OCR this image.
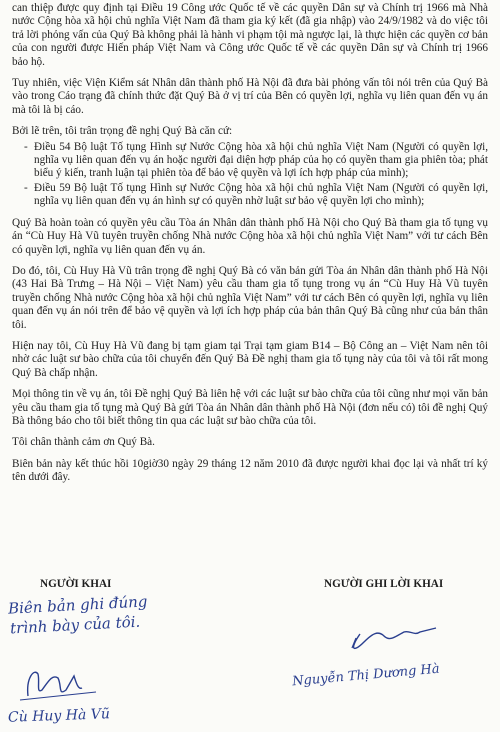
can thiệp được quy định tại Điều 19 Công ước Quốc tế về các quyền Dân sự và Chính trị 1966 mà Nhà nước Cộng hòa xã hội chủ nghĩa Việt Nam đã tham gia ký kết (đã gia nhập) vào 24/9/1982 và do việc tôi trả lời phỏng vấn của Quý Bà không phải là hành vi phạm tội mà ngược lại, là thực hiện các quyền cơ bản của con người được Hiến pháp Việt Nam và Công ước Quốc tế về các quyền Dân sự và Chính trị 1966 bảo hộ.

Tuy nhiên, việc Viện Kiểm sát Nhân dân thành phố Hà Nội đã đưa bài phỏng vấn tôi nói trên của Quý Bà vào trong Cáo trạng đã chính thức đặt Quý Bà ở vị trí của Bên có quyền lợi, nghĩa vụ liên quan đến vụ án mà tôi là bị cáo.

Bởi lẽ trên, tôi trân trọng đề nghị Quý Bà căn cứ:

- Điều 54 Bộ luật Tố tụng Hình sự Nước Cộng hòa xã hội chủ nghĩa Việt Nam (Người có quyền lợi, nghĩa vụ liên quan đến vụ án hoặc người đại diện hợp pháp của họ có quyền tham gia phiên tòa; phát biểu ý kiến, tranh luận tại phiên tòa để bảo vệ quyền và lợi ích hợp pháp của mình);
- Điều 59 Bộ luật Tố tụng Hình sự Nước Cộng hòa xã hội chủ nghĩa Việt Nam (Người có quyền lợi, nghĩa vụ liên quan đến vụ án hình sự có quyền nhờ luật sư bảo vệ quyền lợi cho mình);

Quý Bà hoàn toàn có quyền yêu cầu Tòa án Nhân dân thành phố Hà Nội cho Quý Bà tham gia tố tụng vụ án “Cù Huy Hà Vũ tuyên truyền chống Nhà nước Cộng hòa xã hội chủ nghĩa Việt Nam” với tư cách Bên có quyền lợi, nghĩa vụ liên quan đến vụ án.

Do đó, tôi, Cù Huy Hà Vũ trân trọng đề nghị Quý Bà có văn bản gửi Tòa án Nhân dân thành phố Hà Nội (43 Hai Bà Trưng – Hà Nội – Việt Nam) yêu cầu tham gia tố tụng trong vụ án “Cù Huy Hà Vũ tuyên truyền chống Nhà nước Cộng hòa xã hội chủ nghĩa Việt Nam” với tư cách Bên có quyền lợi, nghĩa vụ liên quan đến vụ án nói trên để bảo vệ quyền và lợi ích hợp pháp của bản thân Quý Bà cũng như của bản thân tôi.

Hiện nay tôi, Cù Huy Hà Vũ đang bị tạm giam tại Trại tạm giam B14 – Bộ Công an – Việt Nam nên tôi nhờ các luật sư bào chữa của tôi chuyển đến Quý Bà Đề nghị tham gia tố tụng này của tôi và tôi rất mong Quý Bà chấp nhận.

Mọi thông tin về vụ án, tôi Đề nghị Quý Bà liên hệ với các luật sư bào chữa của tôi cũng như mọi văn bản yêu cầu tham gia tố tụng mà Quý Bà gửi Tòa án Nhân dân thành phố Hà Nội (đơn nếu có) tôi đề nghị Quý Bà thông báo cho tôi biết thông tin qua các luật sư bào chữa của tôi.

Tôi chân thành cảm ơn Quý Bà.

Biên bản này kết thúc hồi 10giờ30 ngày 29 tháng 12 năm 2010 đã được người khai đọc lại và nhất trí ký tên dưới đây.

NGƯỜI KHAI	NGƯỜI GHI LỜI KHAI
Biên bản ghi đúng
trình bày của tôi.
Cù Huy Hà Vũ
Nguyễn Thị Dương Hà
